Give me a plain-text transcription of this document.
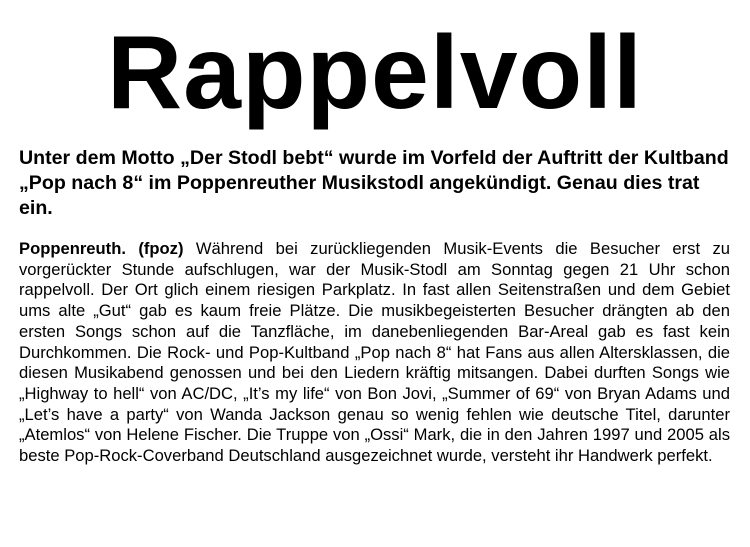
Rappelvoll

Unter dem Motto „Der Stodl bebt“ wurde im Vorfeld der Auftritt der Kultband „Pop nach 8“ im Poppenreuther Musikstodl angekündigt. Genau dies trat ein.

Poppenreuth. (fpoz) Während bei zurückliegenden Musik-Events die Besucher erst zu vorgerückter Stunde aufschlugen, war der Musik-Stodl am Sonntag gegen 21 Uhr schon rappelvoll. Der Ort glich einem riesigen Parkplatz. In fast allen Seitenstraßen und dem Gebiet ums alte „Gut“ gab es kaum freie Plätze. Die musikbegeisterten Besucher drängten ab den ersten Songs schon auf die Tanzfläche, im danebenliegenden Bar-Areal gab es fast kein Durchkommen. Die Rock- und Pop-Kultband „Pop nach 8“ hat Fans aus allen Altersklassen, die diesen Musikabend genossen und bei den Liedern kräftig mitsangen. Dabei durften Songs wie „Highway to hell“ von AC/DC, „It’s my life“ von Bon Jovi, „Summer of 69“ von Bryan Adams und „Let’s have a party“ von Wanda Jackson genau so wenig fehlen wie deutsche Titel, darunter „Atemlos“ von Helene Fischer. Die Truppe von „Ossi“ Mark, die in den Jahren 1997 und 2005 als beste Pop-Rock-Coverband Deutschland ausgezeichnet wurde, versteht ihr Handwerk perfekt.
